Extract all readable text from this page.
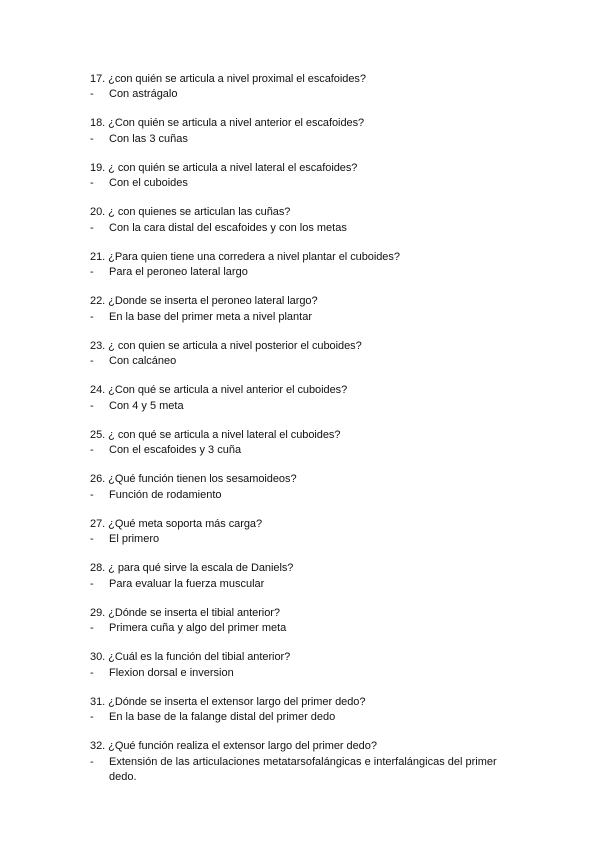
17. ¿con quién se articula a nivel proximal el escafoides?
-	Con astrágalo
18. ¿Con quién se articula a nivel anterior el escafoides?
-	Con las 3 cuñas
19. ¿ con quién se articula a nivel lateral el escafoides?
-	Con el cuboides
20. ¿ con quienes se articulan las cuñas?
-	Con la cara distal del escafoides y con los metas
21. ¿Para quien tiene una corredera a nivel plantar el cuboides?
-	Para el peroneo lateral largo
22. ¿Donde se inserta el peroneo lateral largo?
-	En la base del primer meta a nivel plantar
23. ¿ con quien se articula a nivel posterior el cuboides?
-	Con calcáneo
24. ¿Con qué se articula a nivel anterior el cuboides?
-	Con 4 y 5 meta
25. ¿ con qué se articula a nivel lateral el cuboides?
-	Con el escafoides y 3 cuña
26. ¿Qué función tienen los sesamoideos?
-	Función de rodamiento
27. ¿Qué meta soporta más carga?
-	El primero
28. ¿ para qué sirve la escala de Daniels?
-	Para evaluar la fuerza muscular
29. ¿Dónde se inserta el tibial anterior?
-	Primera cuña y algo del primer meta
30. ¿Cuál es la función del tibial anterior?
-	Flexion dorsal e inversion
31. ¿Dónde se inserta el extensor largo del primer dedo?
-	En la base de la falange distal del primer dedo
32. ¿Qué función realiza el extensor largo del primer dedo?
-	Extensión de las articulaciones metatarsofalángicas e interfalángicas del primer dedo.
